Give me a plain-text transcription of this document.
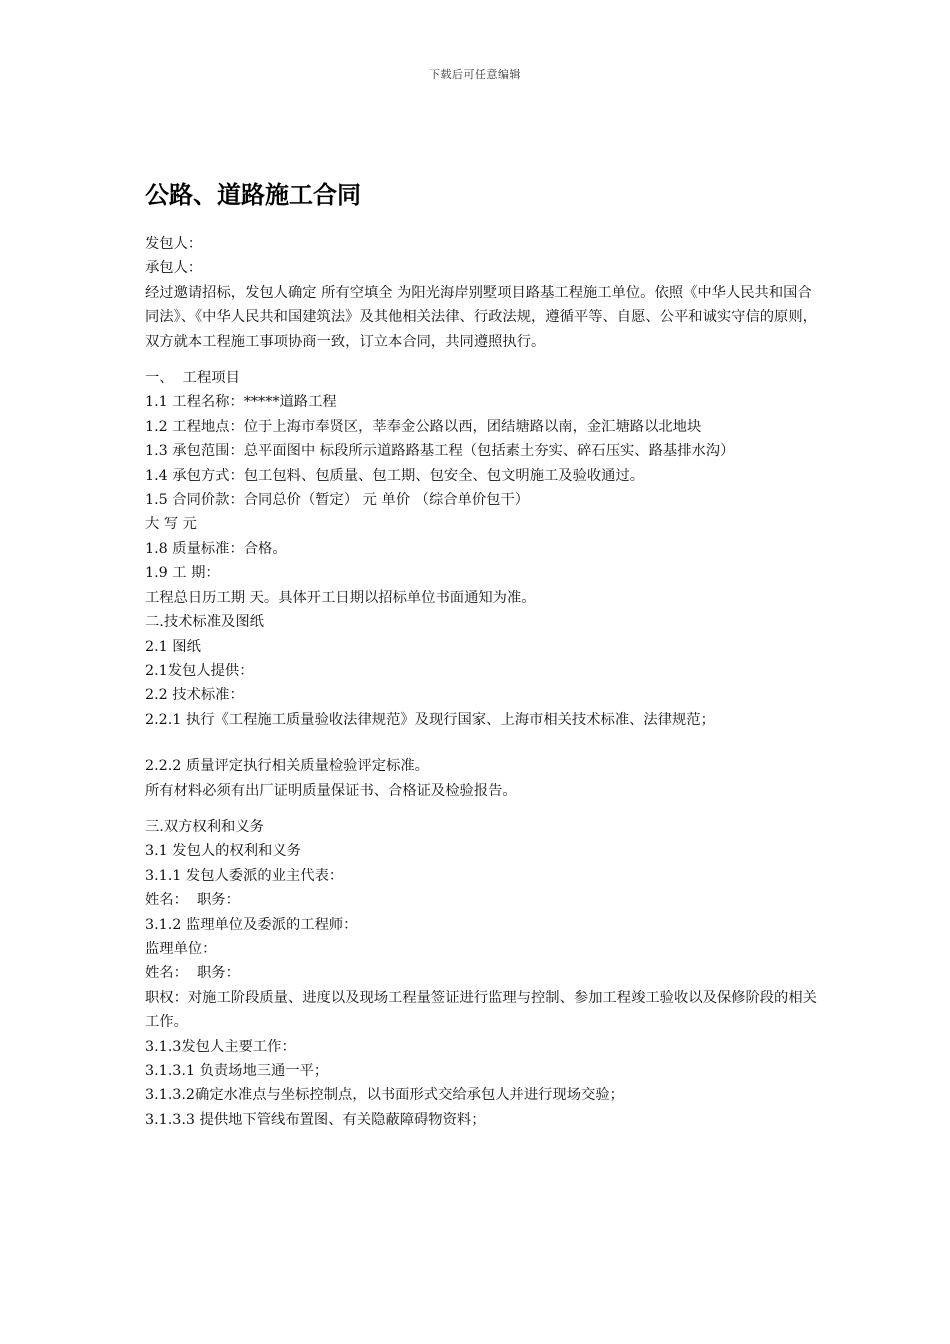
下载后可任意编辑
公路、道路施工合同

发包人：

承包人：

经过邀请招标，发包人确定 所有空填全 为阳光海岸别墅项目路基工程施工单位。依照《中华人民共和国合同法》、《中华人民共和国建筑法》及其他相关法律、行政法规，遵循平等、自愿、公平和诚实守信的原则，双方就本工程施工事项协商一致，订立本合同，共同遵照执行。

一、  工程项目

1.1 工程名称：*****道路工程

1.2 工程地点：位于上海市奉贤区，莘奉金公路以西，团结塘路以南，金汇塘路以北地块

1.3 承包范围：总平面图中 标段所示道路路基工程（包括素土夯实、碎石压实、路基排水沟）

1.4 承包方式：包工包料、包质量、包工期、包安全、包文明施工及验收通过。

1.5 合同价款：合同总价（暂定） 元 单价 （综合单价包干）

大 写 元

1.8 质量标准：合格。

1.9 工 期：

工程总日历工期 天。具体开工日期以招标单位书面通知为准。

二.技术标准及图纸

2.1 图纸

2.1发包人提供：

2.2 技术标准：

2.2.1 执行《工程施工质量验收法律规范》及现行国家、上海市相关技术标准、法律规范；

2.2.2 质量评定执行相关质量检验评定标准。

所有材料必须有出厂证明质量保证书、合格证及检验报告。

三.双方权利和义务

3.1 发包人的权利和义务

3.1.1 发包人委派的业主代表：

姓名：  职务：

3.1.2 监理单位及委派的工程师：

监理单位：

姓名：  职务：

职权：对施工阶段质量、进度以及现场工程量签证进行监理与控制、参加工程竣工验收以及保修阶段的相关工作。

3.1.3发包人主要工作：

3.1.3.1 负责场地三通一平；

3.1.3.2确定水准点与坐标控制点，以书面形式交给承包人并进行现场交验；

3.1.3.3 提供地下管线布置图、有关隐蔽障碍物资料；
